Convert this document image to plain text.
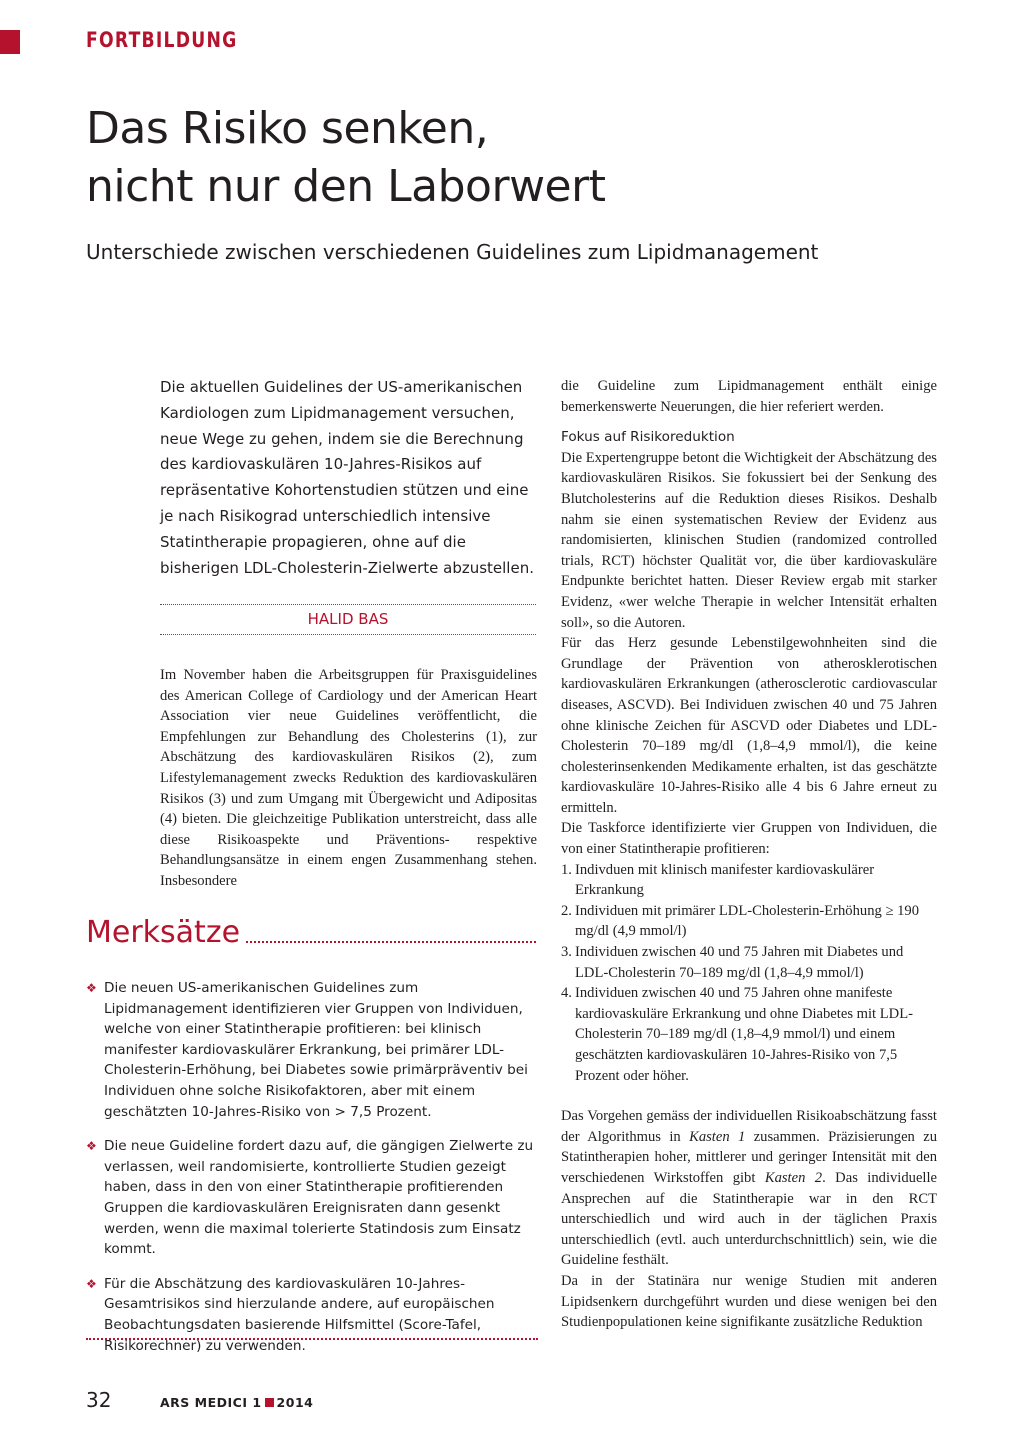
FORTBILDUNG
Das Risiko senken,
nicht nur den Laborwert
Unterschiede zwischen verschiedenen Guidelines zum Lipidmanagement
Die aktuellen Guidelines der US-amerikanischen Kardiologen zum Lipidmanagement versuchen, neue Wege zu gehen, indem sie die Berechnung des kardiovaskulären 10-Jahres-Risikos auf repräsentative Kohortenstudien stützen und eine je nach Risikograd unterschiedlich intensive Statintherapie propagieren, ohne auf die bisherigen LDL-Cholesterin-Zielwerte abzustellen.
HALID BAS

Im November haben die Arbeitsgruppen für Praxisguidelines des American College of Cardiology und der American Heart Association vier neue Guidelines veröffentlicht, die Empfehlungen zur Behandlung des Cholesterins (1), zur Abschätzung des kardiovaskulären Risikos (2), zum Lifestylemanagement zwecks Reduktion des kardiovaskulären Risikos (3) und zum Umgang mit Übergewicht und Adipositas (4) bieten. Die gleichzeitige Publikation unterstreicht, dass alle diese Risikoaspekte und Präventions- respektive Behandlungsansätze in einem engen Zusammenhang stehen. Insbesondere

Merksätze
❖ Die neuen US-amerikanischen Guidelines zum Lipidmanagement identifizieren vier Gruppen von Individuen, welche von einer Statintherapie profitieren: bei klinisch manifester kardiovaskulärer Erkrankung, bei primärer LDL-Cholesterin-Erhöhung, bei Diabetes sowie primärpräventiv bei Individuen ohne solche Risikofaktoren, aber mit einem geschätzten 10-Jahres-Risiko von > 7,5 Prozent.
❖ Die neue Guideline fordert dazu auf, die gängigen Zielwerte zu verlassen, weil randomisierte, kontrollierte Studien gezeigt haben, dass in den von einer Statintherapie profitierenden Gruppen die kardiovaskulären Ereignisraten dann gesenkt werden, wenn die maximal tolerierte Statindosis zum Einsatz kommt.
❖ Für die Abschätzung des kardiovaskulären 10-Jahres-Gesamtrisikos sind hierzulande andere, auf europäischen Beobachtungsdaten basierende Hilfsmittel (Score-Tafel, Risikorechner) zu verwenden.

die Guideline zum Lipidmanagement enthält einige bemerkenswerte Neuerungen, die hier referiert werden.

Fokus auf Risikoreduktion

Die Expertengruppe betont die Wichtigkeit der Abschätzung des kardiovaskulären Risikos. Sie fokussiert bei der Senkung des Blutcholesterins auf die Reduktion dieses Risikos. Deshalb nahm sie einen systematischen Review der Evidenz aus randomisierten, klinischen Studien (randomized controlled trials, RCT) höchster Qualität vor, die über kardiovaskuläre Endpunkte berichtet hatten. Dieser Review ergab mit starker Evidenz, «wer welche Therapie in welcher Intensität erhalten soll», so die Autoren.

Für das Herz gesunde Lebenstilgewohnheiten sind die Grundlage der Prävention von atherosklerotischen kardiovaskulären Erkrankungen (atherosclerotic cardiovascular diseases, ASCVD). Bei Individuen zwischen 40 und 75 Jahren ohne klinische Zeichen für ASCVD oder Diabetes und LDL-Cholesterin 70–189 mg/dl (1,8–4,9 mmol/l), die keine cholesterinsenkenden Medikamente erhalten, ist das geschätzte kardiovaskuläre 10-Jahres-Risiko alle 4 bis 6 Jahre erneut zu ermitteln.

Die Taskforce identifizierte vier Gruppen von Individuen, die von einer Statintherapie profitieren:

1. Indivduen mit klinisch manifester kardiovaskulärer Erkrankung
2. Individuen mit primärer LDL-Cholesterin-Erhöhung ≥ 190 mg/dl (4,9 mmol/l)
3. Individuen zwischen 40 und 75 Jahren mit Diabetes und LDL-Cholesterin 70–189 mg/dl (1,8–4,9 mmol/l)
4. Individuen zwischen 40 und 75 Jahren ohne manifeste kardiovaskuläre Erkrankung und ohne Diabetes mit LDL-Cholesterin 70–189 mg/dl (1,8–4,9 mmol/l) und einem geschätzten kardiovaskulären 10-Jahres-Risiko von 7,5 Prozent oder höher.

Das Vorgehen gemäss der individuellen Risikoabschätzung fasst der Algorithmus in Kasten 1 zusammen. Präzisierungen zu Statintherapien hoher, mittlerer und geringer Intensität mit den verschiedenen Wirkstoffen gibt Kasten 2. Das individuelle Ansprechen auf die Statintherapie war in den RCT unterschiedlich und wird auch in der täglichen Praxis unterschiedlich (evtl. auch unterdurchschnittlich) sein, wie die Guideline festhält.

Da in der Statinära nur wenige Studien mit anderen Lipidsenkern durchgeführt wurden und diese wenigen bei den Studienpopulationen keine signifikante zusätzliche Reduktion

32	ARS MEDICI 1 2014
